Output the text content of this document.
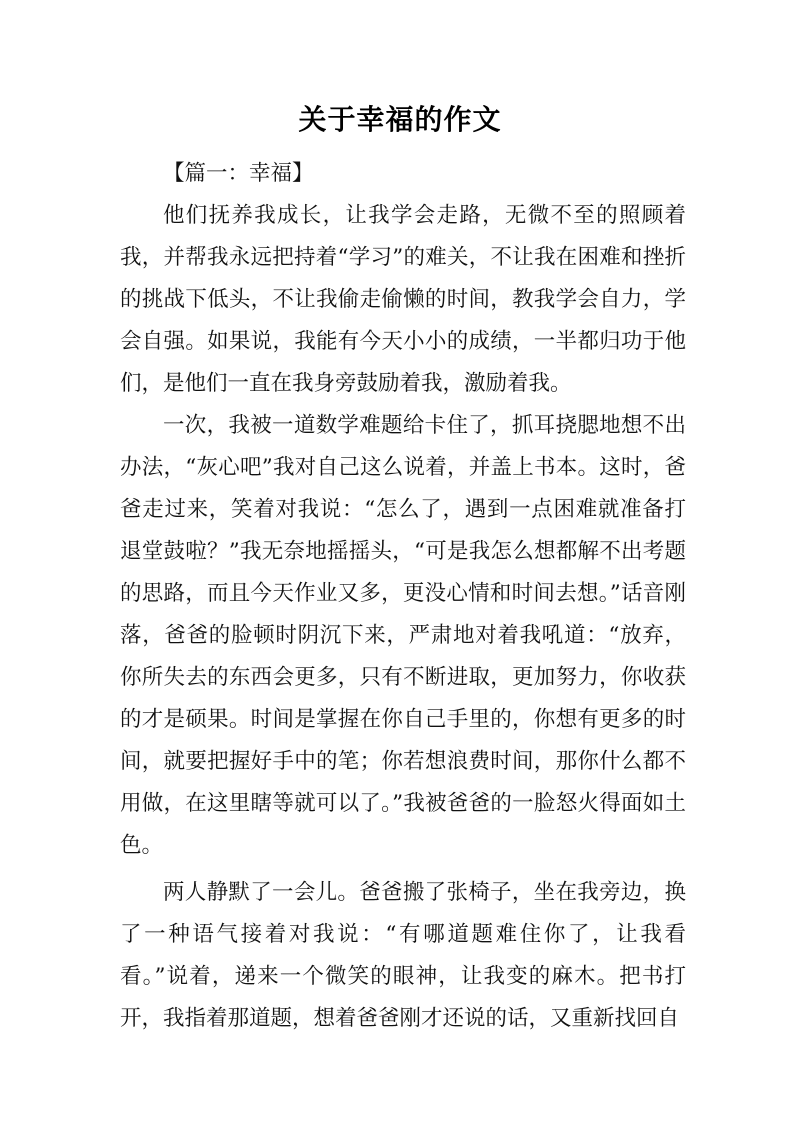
关于幸福的作文

【篇一：幸福】

他们抚养我成长，让我学会走路，无微不至的照顾着我，并帮我永远把持着“学习”的难关，不让我在困难和挫折的挑战下低头，不让我偷走偷懒的时间，教我学会自力，学会自强。如果说，我能有今天小小的成绩，一半都归功于他们，是他们一直在我身旁鼓励着我，激励着我。

一次，我被一道数学难题给卡住了，抓耳挠腮地想不出办法，“灰心吧”我对自己这么说着，并盖上书本。这时，爸爸走过来，笑着对我说：“怎么了，遇到一点困难就准备打退堂鼓啦？”我无奈地摇摇头，“可是我怎么想都解不出考题的思路，而且今天作业又多，更没心情和时间去想。”话音刚落，爸爸的脸顿时阴沉下来，严肃地对着我吼道：“放弃，你所失去的东西会更多，只有不断进取，更加努力，你收获的才是硕果。时间是掌握在你自己手里的，你想有更多的时间，就要把握好手中的笔；你若想浪费时间，那你什么都不用做，在这里瞎等就可以了。”我被爸爸的一脸怒火得面如土色。

两人静默了一会儿。爸爸搬了张椅子，坐在我旁边，换了一种语气接着对我说：“有哪道题难住你了，让我看看。”说着，递来一个微笑的眼神，让我变的麻木。把书打开，我指着那道题，想着爸爸刚才还说的话，又重新找回自
